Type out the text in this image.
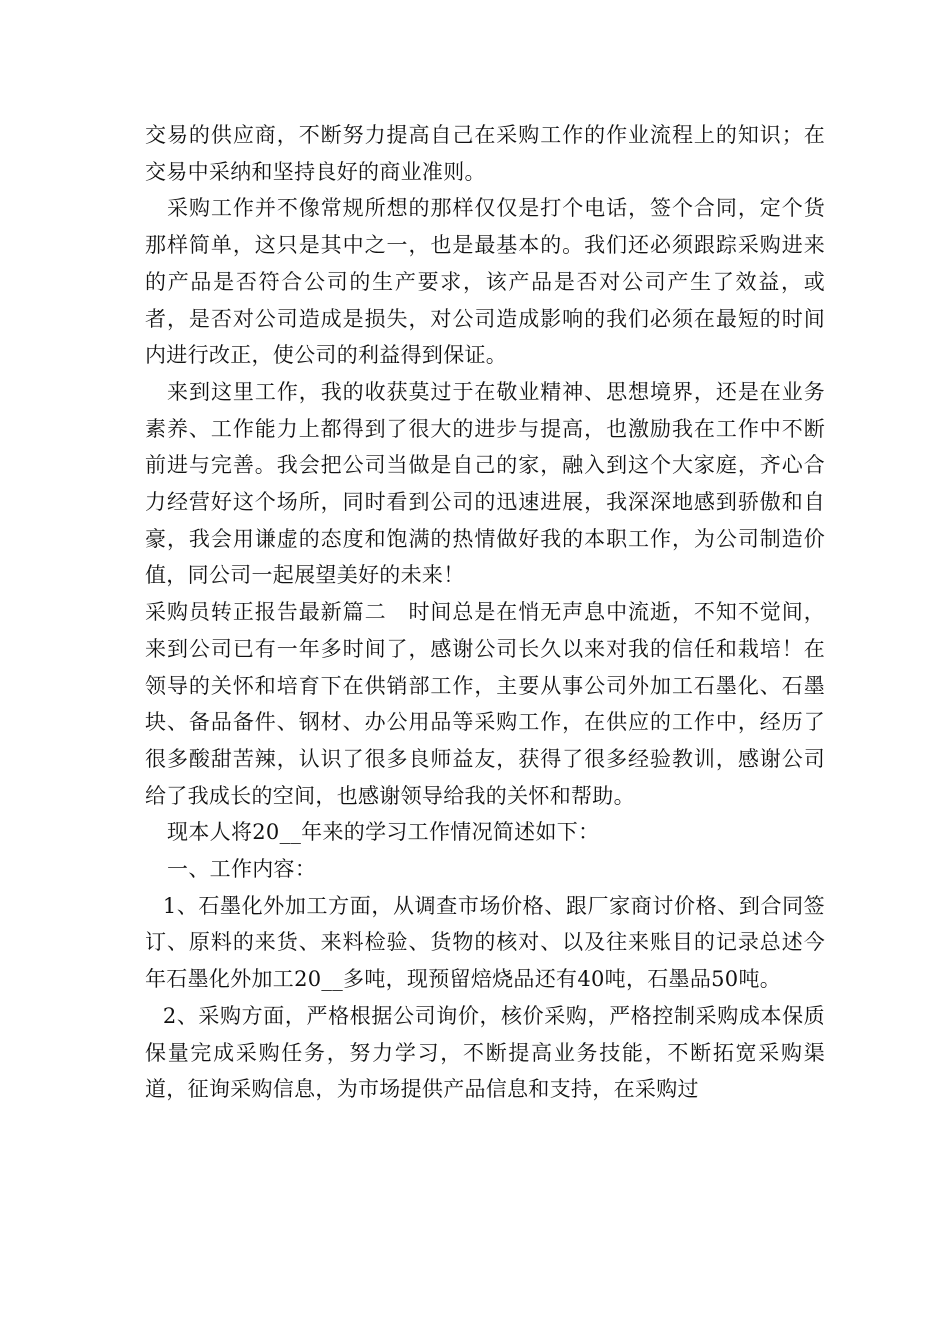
交易的供应商，不断努力提高自己在采购工作的作业流程上的知识；在交易中采纳和坚持良好的商业准则。

采购工作并不像常规所想的那样仅仅是打个电话，签个合同，定个货那样简单，这只是其中之一，也是最基本的。我们还必须跟踪采购进来的产品是否符合公司的生产要求，该产品是否对公司产生了效益，或者，是否对公司造成是损失，对公司造成影响的我们必须在最短的时间内进行改正，使公司的利益得到保证。

来到这里工作，我的收获莫过于在敬业精神、思想境界，还是在业务素养、工作能力上都得到了很大的进步与提高，也激励我在工作中不断前进与完善。我会把公司当做是自己的家，融入到这个大家庭，齐心合力经营好这个场所，同时看到公司的迅速进展，我深深地感到骄傲和自豪，我会用谦虚的态度和饱满的热情做好我的本职工作，为公司制造价值，同公司一起展望美好的未来！

采购员转正报告最新篇二　时间总是在悄无声息中流逝，不知不觉间，来到公司已有一年多时间了，感谢公司长久以来对我的信任和栽培！在领导的关怀和培育下在供销部工作，主要从事公司外加工石墨化、石墨块、备品备件、钢材、办公用品等采购工作，在供应的工作中，经历了很多酸甜苦辣，认识了很多良师益友，获得了很多经验教训，感谢公司给了我成长的空间，也感谢领导给我的关怀和帮助。

现本人将20__年来的学习工作情况简述如下：

一、工作内容：

1、石墨化外加工方面，从调查市场价格、跟厂家商讨价格、到合同签订、原料的来货、来料检验、货物的核对、以及往来账目的记录总述今年石墨化外加工20__多吨，现预留焙烧品还有40吨，石墨品50吨。

2、采购方面，严格根据公司询价，核价采购，严格控制采购成本保质保量完成采购任务，努力学习，不断提高业务技能，不断拓宽采购渠道，征询采购信息，为市场提供产品信息和支持，在采购过
